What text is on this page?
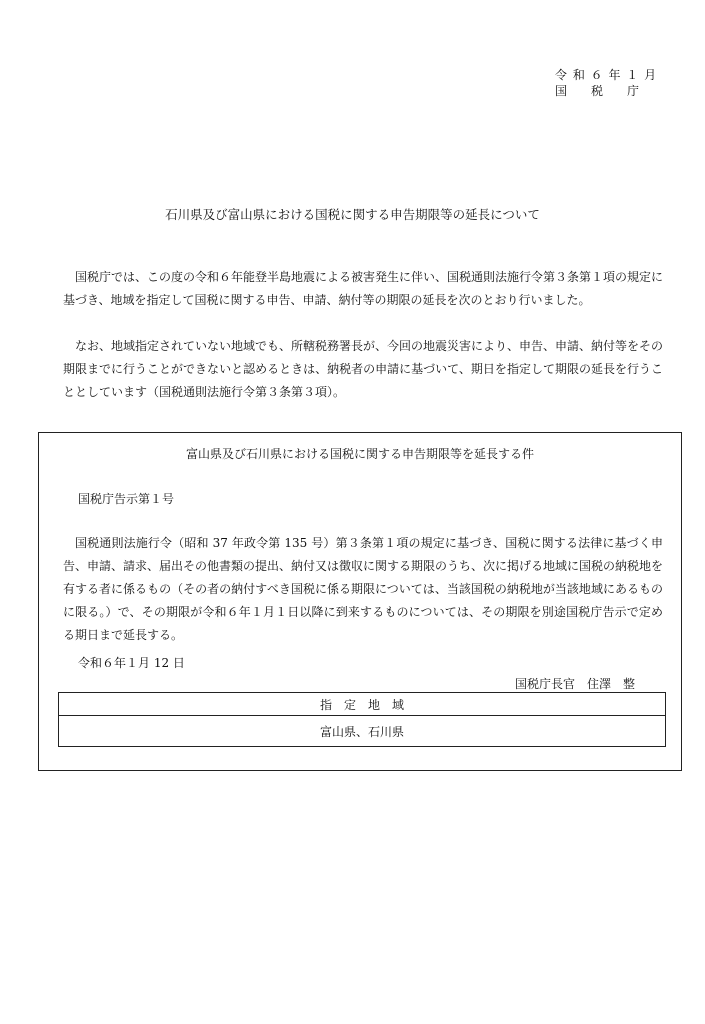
令 和 ６ 年 １ 月
国　　税　　庁
石川県及び富山県における国税に関する申告期限等の延長について
国税庁では、この度の令和６年能登半島地震による被害発生に伴い、国税通則法施行令第３条第１項の規定に基づき、地域を指定して国税に関する申告、申請、納付等の期限の延長を次のとおり行いました。
なお、地域指定されていない地域でも、所轄税務署長が、今回の地震災害により、申告、申請、納付等をその期限までに行うことができないと認めるときは、納税者の申請に基づいて、期日を指定して期限の延長を行うこととしています（国税通則法施行令第３条第３項）。
富山県及び石川県における国税に関する申告期限等を延長する件
国税庁告示第１号
国税通則法施行令（昭和 37 年政令第 135 号）第３条第１項の規定に基づき、国税に関する法律に基づく申告、申請、請求、届出その他書類の提出、納付又は徴収に関する期限のうち、次に掲げる地域に国税の納税地を有する者に係るもの（その者の納付すべき国税に係る期限については、当該国税の納税地が当該地域にあるものに限る。）で、その期限が令和６年１月１日以降に到来するものについては、その期限を別途国税庁告示で定める期日まで延長する。
令和６年１月 12 日
国税庁長官　住澤　整
指　定　地　域
富山県、石川県
